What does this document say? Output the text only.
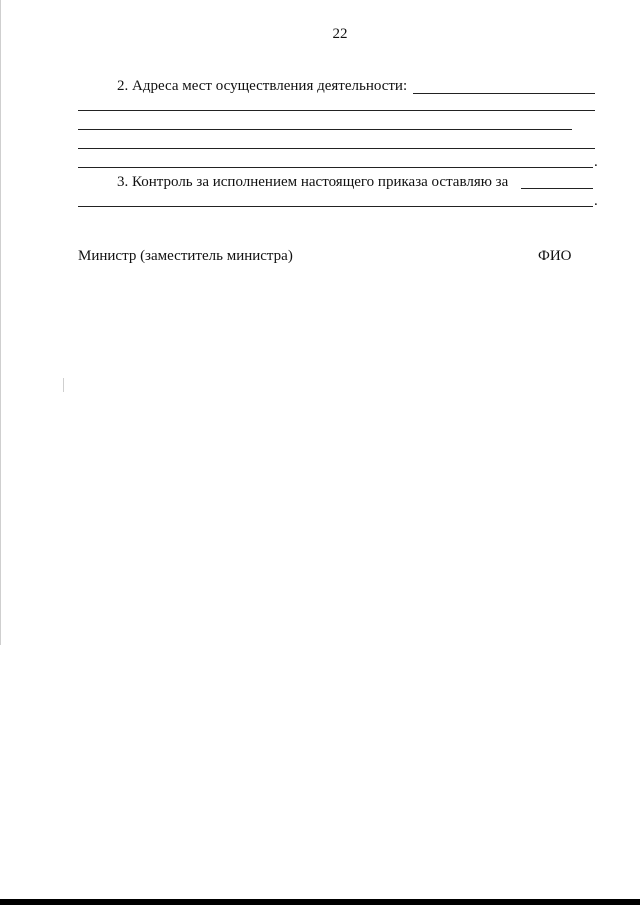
22
2. Адреса мест осуществления деятельности:
.
3. Контроль за исполнением настоящего приказа оставляю за
.
Министр (заместитель министра)	ФИО
